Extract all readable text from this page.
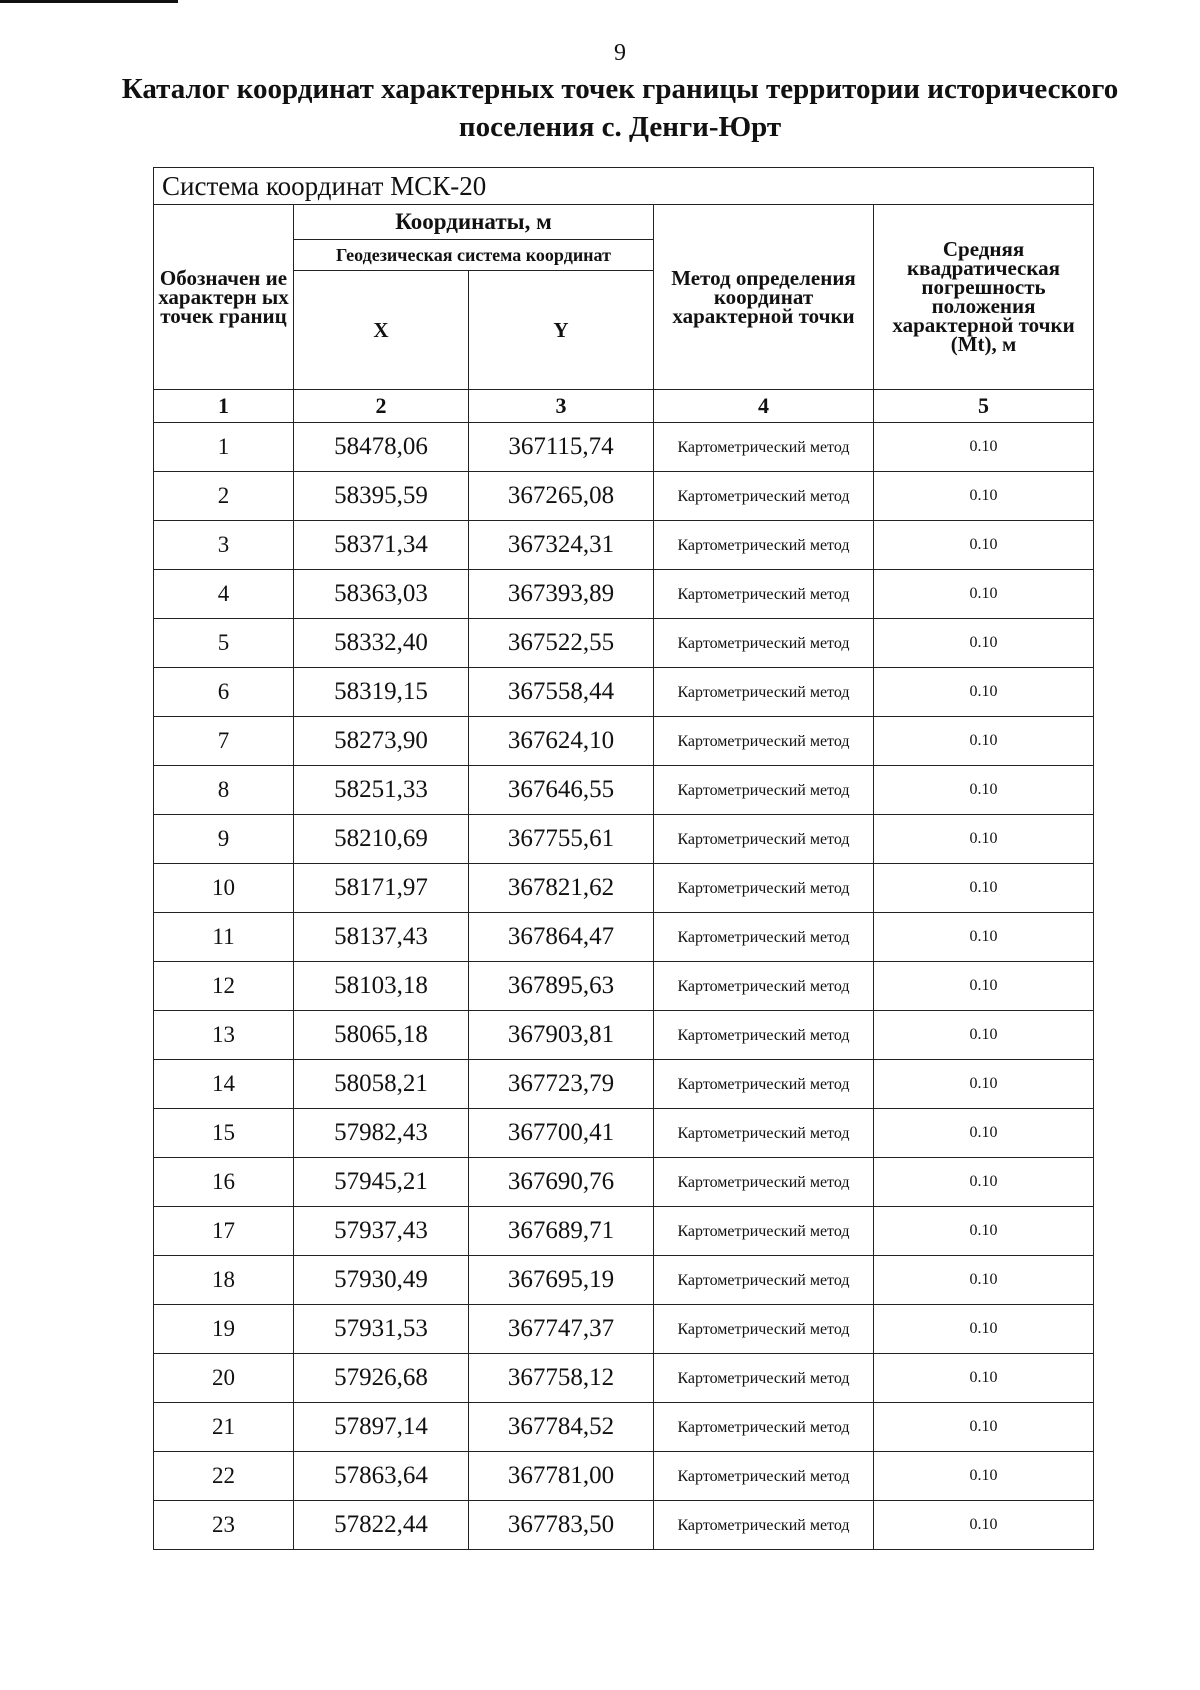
9
Каталог координат характерных точек границы территории исторического
поселения с. Денги-Юрт
Система координат МСК-20				
Обозначен ие характерн ых точек границ	Координаты, м		Метод определения координат характерной точки	Средняя квадратическая погрешность положения характерной точки (Mt), м
	Геодезическая система координат			
	X	Y		
1	2	3	4	5
1	58478,06	367115,74	Картометрический метод	0.10
2	58395,59	367265,08	Картометрический метод	0.10
3	58371,34	367324,31	Картометрический метод	0.10
4	58363,03	367393,89	Картометрический метод	0.10
5	58332,40	367522,55	Картометрический метод	0.10
6	58319,15	367558,44	Картометрический метод	0.10
7	58273,90	367624,10	Картометрический метод	0.10
8	58251,33	367646,55	Картометрический метод	0.10
9	58210,69	367755,61	Картометрический метод	0.10
10	58171,97	367821,62	Картометрический метод	0.10
11	58137,43	367864,47	Картометрический метод	0.10
12	58103,18	367895,63	Картометрический метод	0.10
13	58065,18	367903,81	Картометрический метод	0.10
14	58058,21	367723,79	Картометрический метод	0.10
15	57982,43	367700,41	Картометрический метод	0.10
16	57945,21	367690,76	Картометрический метод	0.10
17	57937,43	367689,71	Картометрический метод	0.10
18	57930,49	367695,19	Картометрический метод	0.10
19	57931,53	367747,37	Картометрический метод	0.10
20	57926,68	367758,12	Картометрический метод	0.10
21	57897,14	367784,52	Картометрический метод	0.10
22	57863,64	367781,00	Картометрический метод	0.10
23	57822,44	367783,50	Картометрический метод	0.10
